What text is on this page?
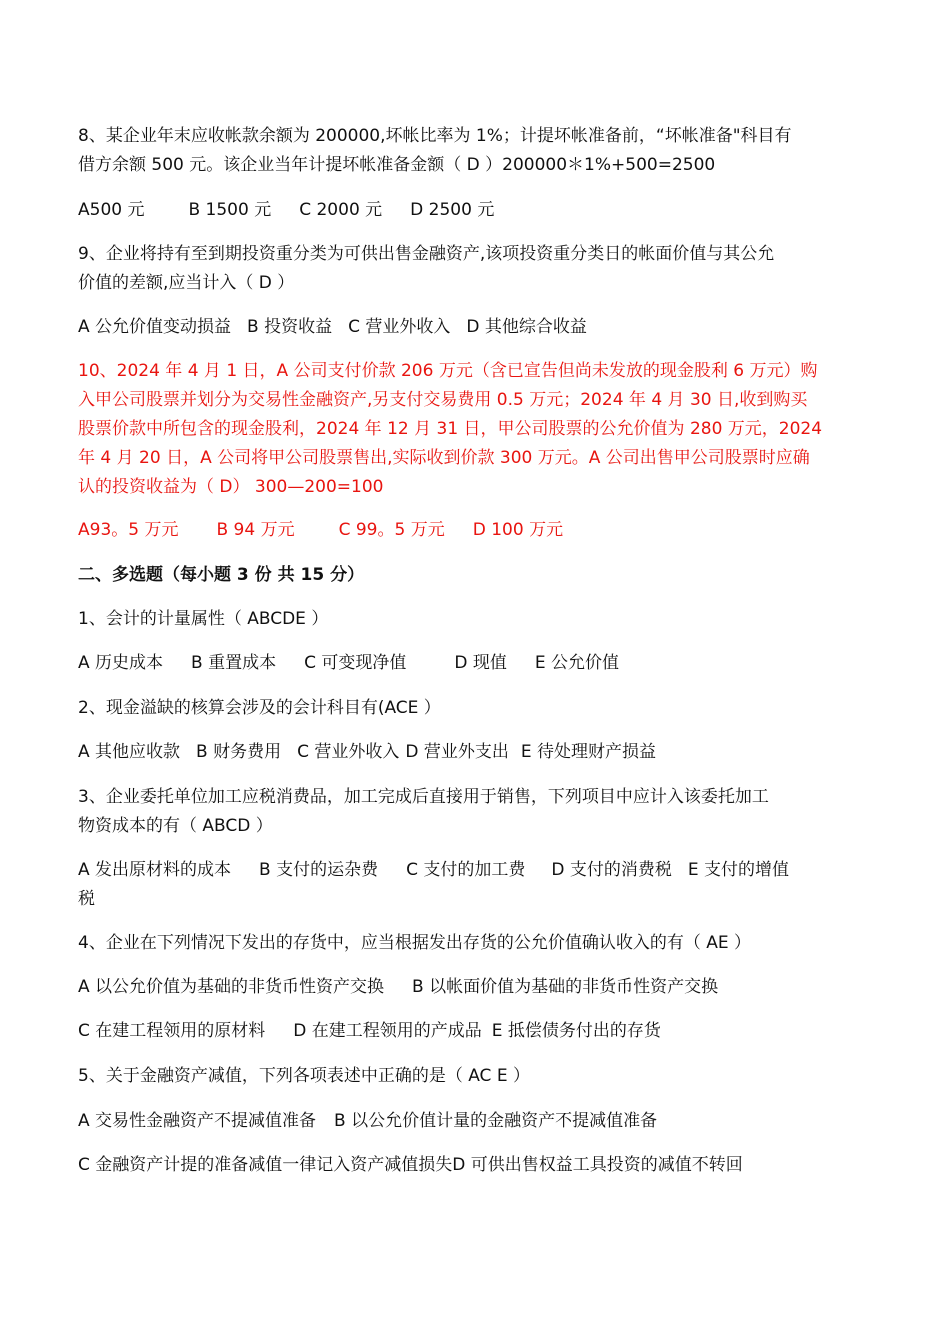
8、某企业年末应收帐款余额为 200000,坏帐比率为 1%；计提坏帐准备前，“坏帐准备"科目有
借方余额 500 元。该企业当年计提坏帐准备金额（ D ）200000＊1%+500=2500
A500 元	B 1500 元 C 2000 元 D 2500 元
9、企业将持有至到期投资重分类为可供出售金融资产,该项投资重分类日的帐面价值与其公允
价值的差额,应当计入（ D ）
A 公允价值变动损益 B 投资收益 C 营业外收入 D 其他综合收益
10、2024 年 4 月 1 日，A 公司支付价款 206 万元（含已宣告但尚未发放的现金股利 6 万元）购
入甲公司股票并划分为交易性金融资产,另支付交易费用 0.5 万元；2024 年 4 月 30 日,收到购买
股票价款中所包含的现金股利，2024 年 12 月 31 日，甲公司股票的公允价值为 280 万元，2024
年 4 月 20 日，A 公司将甲公司股票售出,实际收到价款 300 万元。A 公司出售甲公司股票时应确
认的投资收益为（ D） 300—200=100
A93。5 万元 B 94 万元	C 99。5 万元 D 100 万元
二、多选题（每小题 3 份 共 15 分）
1、会计的计量属性（ ABCDE ）
A 历史成本 B 重置成本 C 可变现净值	D 现值 E 公允价值
2、现金溢缺的核算会涉及的会计科目有(ACE ）
A 其他应收款 B 财务费用 C 营业外收入 D 营业外支出 E 待处理财产损益
3、企业委托单位加工应税消费品，加工完成后直接用于销售，下列项目中应计入该委托加工
物资成本的有（ ABCD ）
A 发出原材料的成本 B 支付的运杂费 C 支付的加工费 D 支付的消费税 E 支付的增值
税
4、企业在下列情况下发出的存货中，应当根据发出存货的公允价值确认收入的有（ AE ）
A 以公允价值为基础的非货币性资产交换 B 以帐面价值为基础的非货币性资产交换
C 在建工程领用的原材料 D 在建工程领用的产成品 E 抵偿债务付出的存货
5、关于金融资产减值，下列各项表述中正确的是（ AC E ）
A 交易性金融资产不提减值准备 B 以公允价值计量的金融资产不提减值准备
C 金融资产计提的准备减值一律记入资产减值损失D 可供出售权益工具投资的减值不转回
